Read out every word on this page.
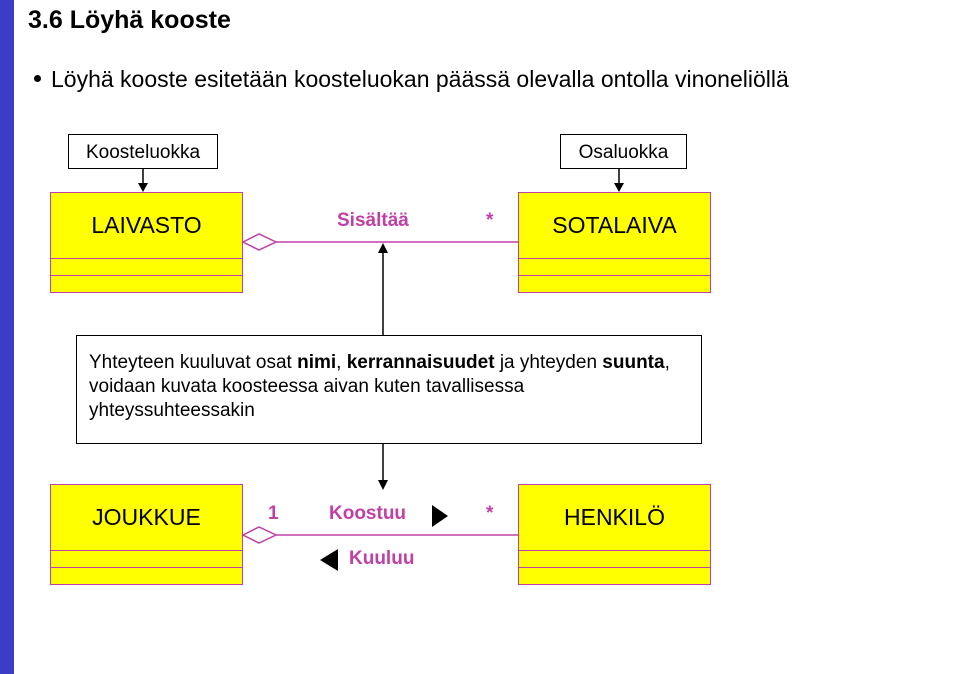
3.6 Löyhä kooste
Löyhä kooste esitetään koosteluokan päässä olevalla ontolla vinoneliöllä
Koosteluokka	Osaluokka
LAIVASTO	SOTALAIVA
Sisältää	*
Yhteyteen kuuluvat osat nimi, kerrannaisuudet ja yhteyden suunta, voidaan kuvata koosteessa aivan kuten tavallisessa yhteyssuhteessakin
JOUKKUE	HENKILÖ
1	Koostuu	*
Kuuluu
